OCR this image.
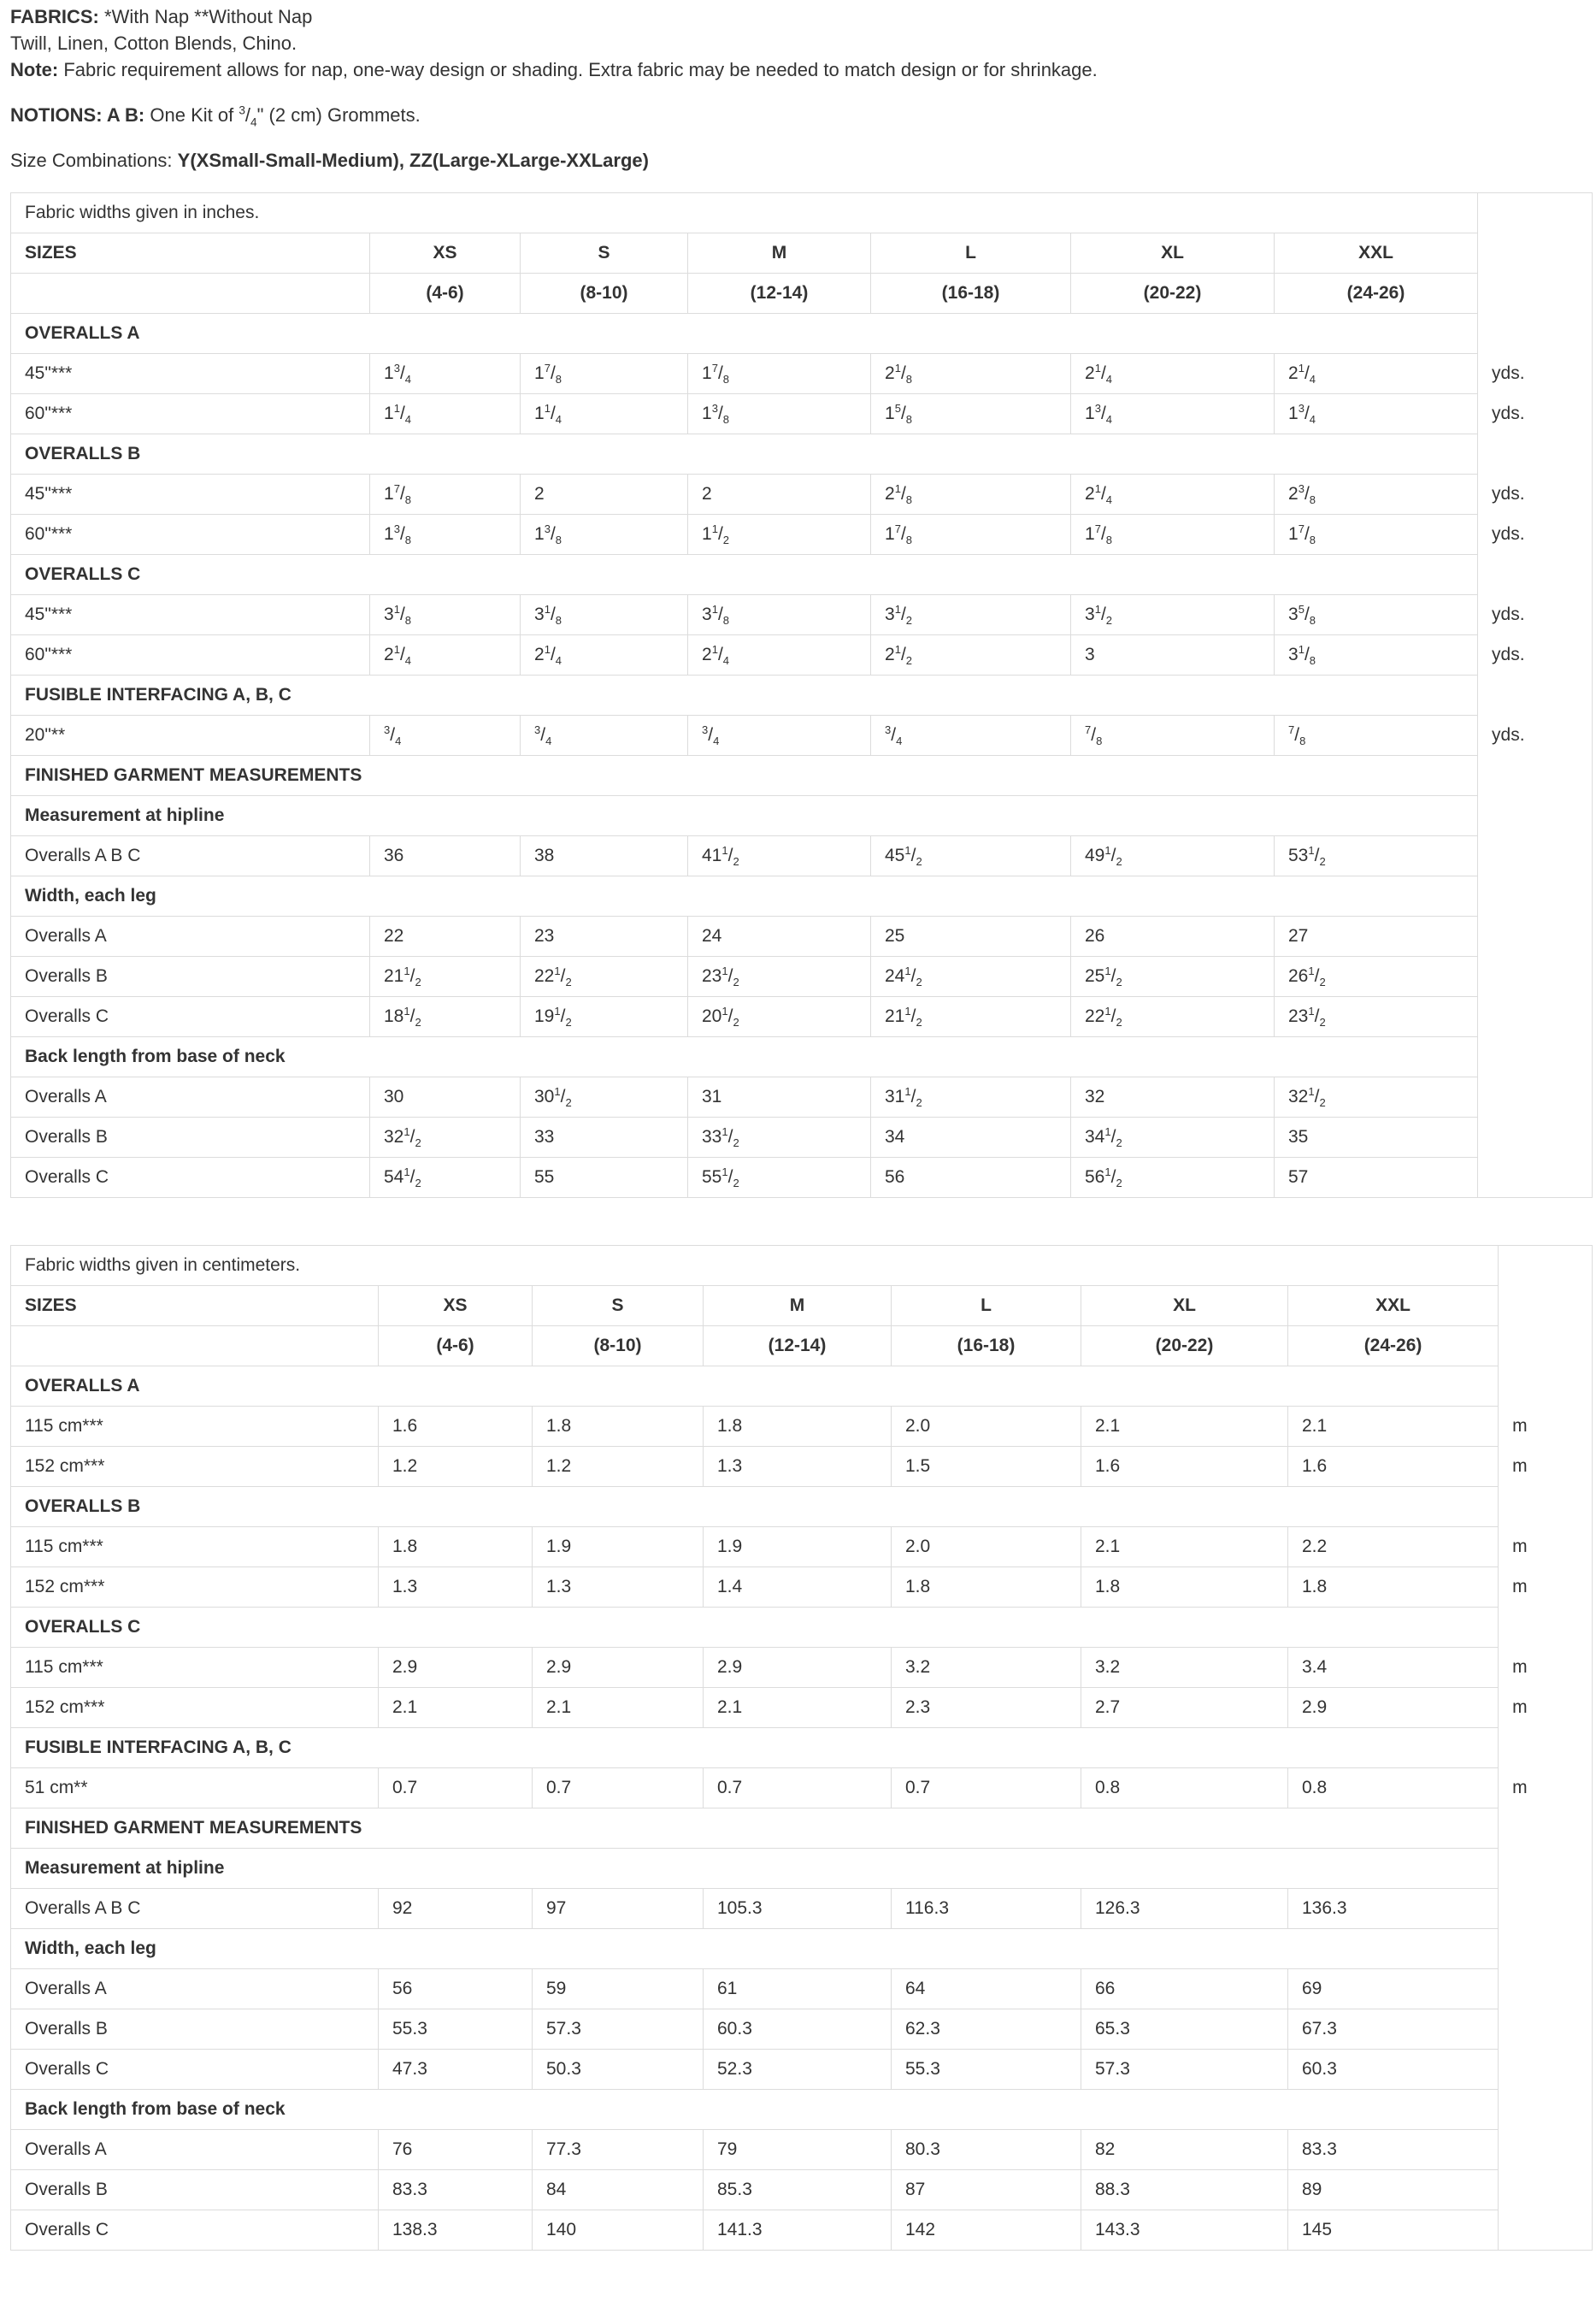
FABRICS: *With Nap **Without Nap

Twill, Linen, Cotton Blends, Chino.

Note: Fabric requirement allows for nap, one-way design or shading. Extra fabric may be needed to match design or for shrinkage.

NOTIONS: A B: One Kit of $^3/_4$" (2 cm) Grommets.

Size Combinations: Y(XSmall-Small-Medium), ZZ(Large-XLarge-XXLarge)

Fabric widths given in inches.							
SIZES	XS	S	M	L	XL	XXL	
	(4-6)	(8-10)	(12-14)	(16-18)	(20-22)	(24-26)	
OVERALLS A							
45"***	$1^3/_4$	$1^7/_8$	$1^7/_8$	$2^1/_8$	$2^1/_4$	$2^1/_4$	yds.
60"***	$1^1/_4$	$1^1/_4$	$1^3/_8$	$1^5/_8$	$1^3/_4$	$1^3/_4$	yds.
OVERALLS B							
45"***	$1^7/_8$	2	2	$2^1/_8$	$2^1/_4$	$2^3/_8$	yds.
60"***	$1^3/_8$	$1^3/_8$	$1^1/_2$	$1^7/_8$	$1^7/_8$	$1^7/_8$	yds.
OVERALLS C							
45"***	$3^1/_8$	$3^1/_8$	$3^1/_8$	$3^1/_2$	$3^1/_2$	$3^5/_8$	yds.
60"***	$2^1/_4$	$2^1/_4$	$2^1/_4$	$2^1/_2$	3	$3^1/_8$	yds.
FUSIBLE INTERFACING A, B, C							
20"**	$^3/_4$	$^3/_4$	$^3/_4$	$^3/_4$	$^7/_8$	$^7/_8$	yds.
FINISHED GARMENT MEASUREMENTS							
Measurement at hipline							
Overalls A B C	36	38	$41^1/_2$	$45^1/_2$	$49^1/_2$	$53^1/_2$	
Width, each leg							
Overalls A	22	23	24	25	26	27	
Overalls B	$21^1/_2$	$22^1/_2$	$23^1/_2$	$24^1/_2$	$25^1/_2$	$26^1/_2$	
Overalls C	$18^1/_2$	$19^1/_2$	$20^1/_2$	$21^1/_2$	$22^1/_2$	$23^1/_2$	
Back length from base of neck							
Overalls A	30	$30^1/_2$	31	$31^1/_2$	32	$32^1/_2$	
Overalls B	$32^1/_2$	33	$33^1/_2$	34	$34^1/_2$	35	
Overalls C	$54^1/_2$	55	$55^1/_2$	56	$56^1/_2$	57	
Fabric widths given in centimeters.							
SIZES	XS	S	M	L	XL	XXL	
	(4-6)	(8-10)	(12-14)	(16-18)	(20-22)	(24-26)	
OVERALLS A							
115 cm***	1.6	1.8	1.8	2.0	2.1	2.1	m
152 cm***	1.2	1.2	1.3	1.5	1.6	1.6	m
OVERALLS B							
115 cm***	1.8	1.9	1.9	2.0	2.1	2.2	m
152 cm***	1.3	1.3	1.4	1.8	1.8	1.8	m
OVERALLS C							
115 cm***	2.9	2.9	2.9	3.2	3.2	3.4	m
152 cm***	2.1	2.1	2.1	2.3	2.7	2.9	m
FUSIBLE INTERFACING A, B, C							
51 cm**	0.7	0.7	0.7	0.7	0.8	0.8	m
FINISHED GARMENT MEASUREMENTS							
Measurement at hipline							
Overalls A B C	92	97	105.3	116.3	126.3	136.3	
Width, each leg							
Overalls A	56	59	61	64	66	69	
Overalls B	55.3	57.3	60.3	62.3	65.3	67.3	
Overalls C	47.3	50.3	52.3	55.3	57.3	60.3	
Back length from base of neck							
Overalls A	76	77.3	79	80.3	82	83.3	
Overalls B	83.3	84	85.3	87	88.3	89	
Overalls C	138.3	140	141.3	142	143.3	145	
